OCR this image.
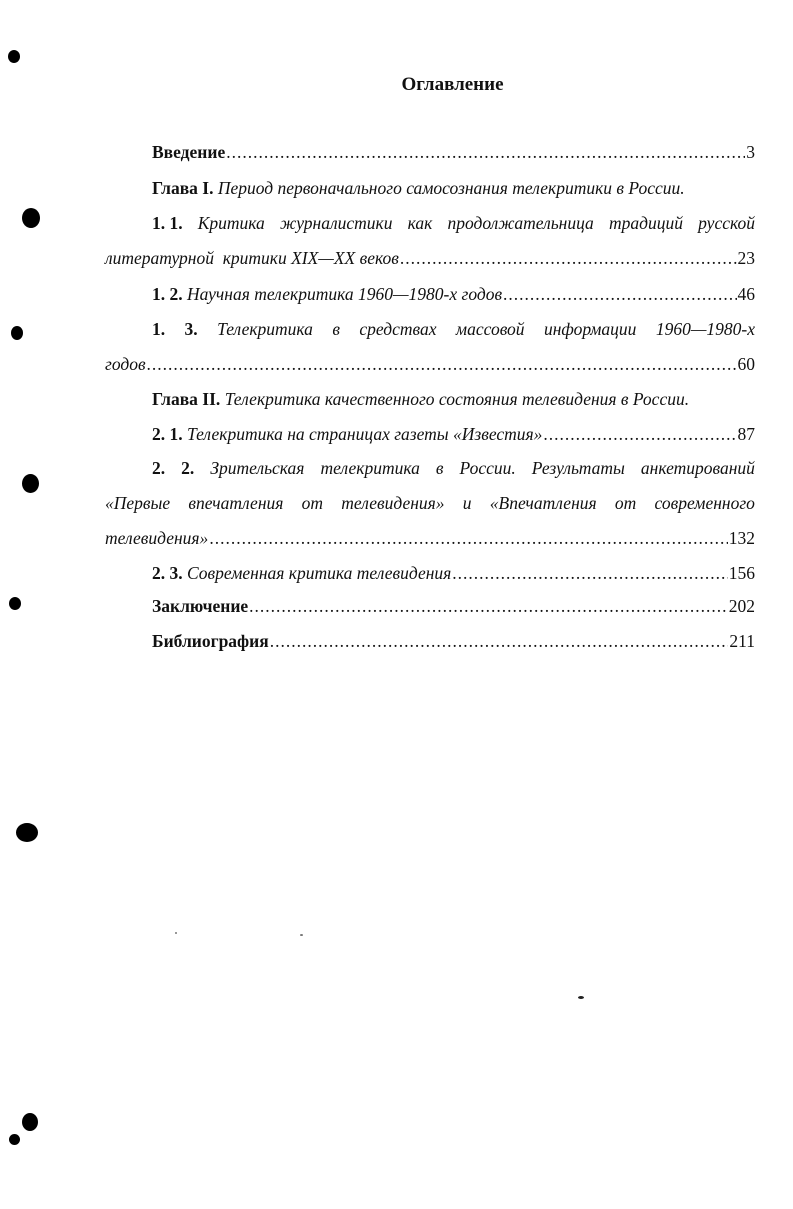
Оглавление
Введение .....	3
Глава I.
Период первоначального самосознания телекритики в России.
1. 1. Критика журналистики как продолжательница традиций русской
литературной  критики XIX—XX веков .....	23
1. 2.
Научная телекритика 1960—1980-х годов .....	46
1. 3. Телекритика в средствах массовой информации 1960—1980-х
годов .....	60
Глава II.
Телекритика качественного состояния телевидения в России.
2. 1.
Телекритика на страницах газеты «Известия» .....	87
2. 2. Зрительская телекритика в России. Результаты анкетирований
«Первые впечатления от телевидения» и «Впечатления от современного
телевидения» .....	132
2. 3.
Современная критика телевидения .....	156
Заключение .....	202
Библиография .....	211
